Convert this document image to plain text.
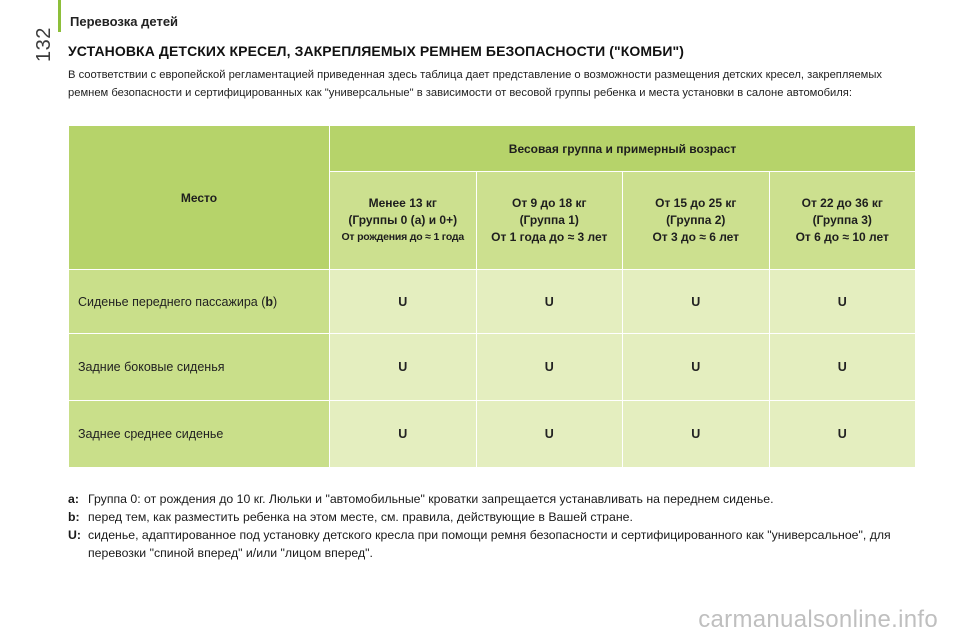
132
Перевозка детей
УСТАНОВКА ДЕТСКИХ КРЕСЕЛ, ЗАКРЕПЛЯЕМЫХ РЕМНЕМ БЕЗОПАСНОСТИ ("КОМБИ")
В соответствии с европейской регламентацией приведенная здесь таблица дает представление о возможности размещения детских кресел, закрепляемых
ремнем безопасности и сертифицированных как "универсальные" в зависимости от весовой группы ребенка и места установки в салоне автомобиля:
Место	Весовая группа и примерный возраст			

	Менее 13 кг
(Группы 0 (a) и 0+)
От рождения до ≈ 1 года	От 9 до 18 кг
(Группа 1)
От 1 года до ≈ 3 лет	От 15 до 25 кг
(Группа 2)
От 3 до ≈ 6 лет	От 22 до 36 кг
(Группа 3)
От 6 до ≈ 10 лет

Сиденье переднего пассажира (b)	U	U	U	U
Задние боковые сиденья	U	U	U	U
Заднее среднее сиденье	U	U	U	U
a: Группа 0: от рождения до 10 кг. Люльки и "автомобильные" кроватки запрещается устанавливать на переднем сиденье.
b: перед тем, как разместить ребенка на этом месте, см. правила, действующие в Вашей стране.
U: сиденье, адаптированное под установку детского кресла при помощи ремня безопасности и сертифицированного как "универсальное", для перевозки "спиной вперед" и/или "лицом вперед".
carmanualsonline.info
